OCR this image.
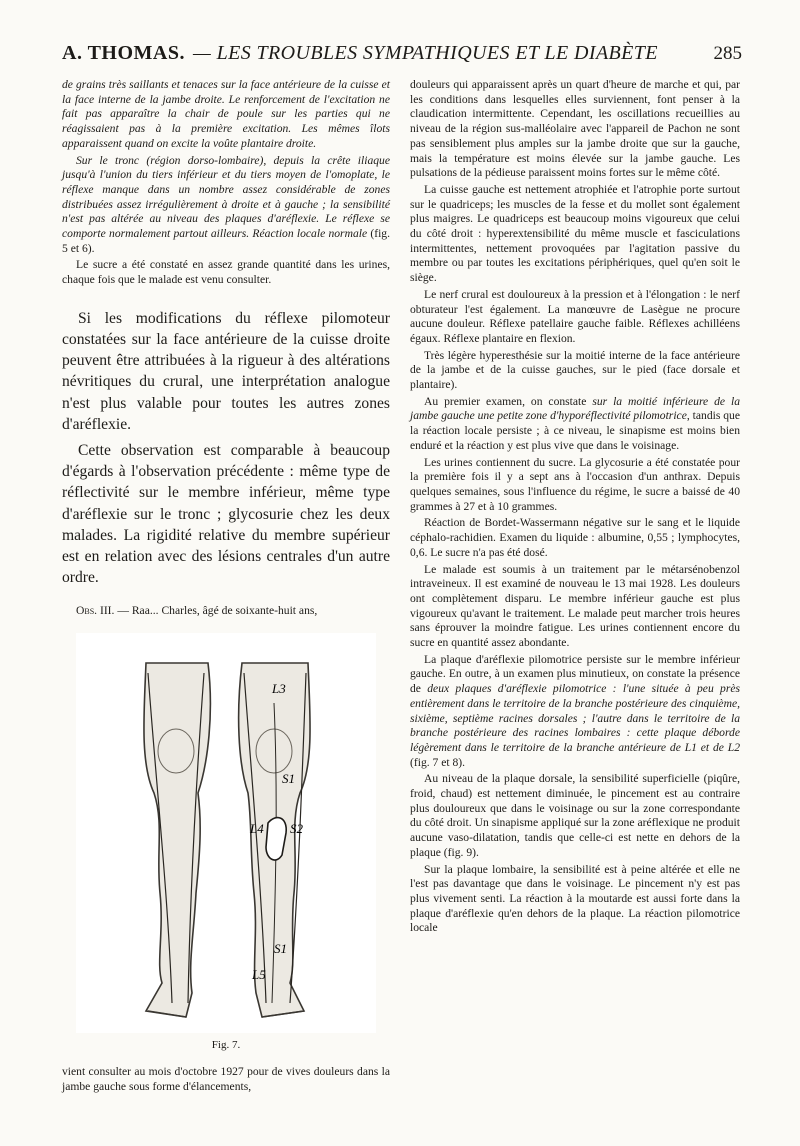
A. THOMAS. — LES TROUBLES SYMPATHIQUES ET LE DIABÈTE	285

de grains très saillants et tenaces sur la face antérieure de la cuisse et la face interne de la jambe droite. Le renforcement de l'excitation ne fait pas apparaître la chair de poule sur les parties qui ne réagissaient pas à la première excitation. Les mêmes îlots apparaissent quand on excite la voûte plantaire droite.

Sur le tronc (région dorso-lombaire), depuis la crête iliaque jusqu'à l'union du tiers inférieur et du tiers moyen de l'omoplate, le réflexe manque dans un nombre assez considérable de zones distribuées assez irrégulièrement à droite et à gauche ; la sensibilité n'est pas altérée au niveau des plaques d'aréflexie. Le réflexe se comporte normalement partout ailleurs. Réaction locale normale (fig. 5 et 6).

Le sucre a été constaté en assez grande quantité dans les urines, chaque fois que le malade est venu consulter.

Si les modifications du réflexe pilomoteur constatées sur la face antérieure de la cuisse droite peuvent être attribuées à la rigueur à des altérations névritiques du crural, une interprétation analogue n'est plus valable pour toutes les autres zones d'aréflexie.

Cette observation est comparable à beaucoup d'égards à l'observation précédente : même type de réflectivité sur le membre inférieur, même type d'aréflexie sur le tronc ; glycosurie chez les deux malades. La rigidité relative du membre supérieur est en relation avec des lésions centrales d'un autre ordre.

Obs. III. — Raa... Charles, âgé de soixante-huit ans,

L3
S1
L4 S2
S1
L5
Fig. 7.

vient consulter au mois d'octobre 1927 pour de vives douleurs dans la jambe gauche sous forme d'élancements,

douleurs qui apparaissent après un quart d'heure de marche et qui, par les conditions dans lesquelles elles surviennent, font penser à la claudication intermittente. Cependant, les oscillations recueillies au niveau de la région sus-malléolaire avec l'appareil de Pachon ne sont pas sensiblement plus amples sur la jambe droite que sur la gauche, mais la température est moins élevée sur la jambe gauche. Les pulsations de la pédieuse paraissent moins fortes sur le même côté.

La cuisse gauche est nettement atrophiée et l'atrophie porte surtout sur le quadriceps; les muscles de la fesse et du mollet sont également plus maigres. Le quadriceps est beaucoup moins vigoureux que celui du côté droit : hyperextensibilité du même muscle et fasciculations intermittentes, nettement provoquées par l'agitation passive du membre ou par toutes les excitations périphériques, quel qu'en soit le siège.

Le nerf crural est douloureux à la pression et à l'élongation : le nerf obturateur l'est également. La manœuvre de Lasègue ne procure aucune douleur. Réflexe patellaire gauche faible. Réflexes achilléens égaux. Réflexe plantaire en flexion.

Très légère hyperesthésie sur la moitié interne de la face antérieure de la jambe et de la cuisse gauches, sur le pied (face dorsale et plantaire).

Au premier examen, on constate sur la moitié inférieure de la jambe gauche une petite zone d'hyporéflectivité pilomotrice, tandis que la réaction locale persiste ; à ce niveau, le sinapisme est moins bien enduré et la réaction y est plus vive que dans le voisinage.

Les urines contiennent du sucre. La glycosurie a été constatée pour la première fois il y a sept ans à l'occasion d'un anthrax. Depuis quelques semaines, sous l'influence du régime, le sucre a baissé de 40 grammes à 27 et à 10 grammes.

Réaction de Bordet-Wassermann négative sur le sang et le liquide céphalo-rachidien. Examen du liquide : albumine, 0,55 ; lymphocytes, 0,6. Le sucre n'a pas été dosé.

Le malade est soumis à un traitement par le métarsénobenzol intraveineux. Il est examiné de nouveau le 13 mai 1928. Les douleurs ont complètement disparu. Le membre inférieur gauche est plus vigoureux qu'avant le traitement. Le malade peut marcher trois heures sans éprouver la moindre fatigue. Les urines contiennent encore du sucre en quantité assez abondante.

La plaque d'aréflexie pilomotrice persiste sur le membre inférieur gauche. En outre, à un examen plus minutieux, on constate la présence de deux plaques d'aréflexie pilomotrice : l'une située à peu près entièrement dans le territoire de la branche postérieure des cinquième, sixième, septième racines dorsales ; l'autre dans le territoire de la branche postérieure des racines lombaires : cette plaque déborde légèrement dans le territoire de la branche antérieure de L1 et de L2 (fig. 7 et 8).

Au niveau de la plaque dorsale, la sensibilité superficielle (piqûre, froid, chaud) est nettement diminuée, le pincement est au contraire plus douloureux que dans le voisinage ou sur la zone correspondante du côté droit. Un sinapisme appliqué sur la zone aréflexique ne produit aucune vaso-dilatation, tandis que celle-ci est nette en dehors de la plaque (fig. 9).

Sur la plaque lombaire, la sensibilité est à peine altérée et elle ne l'est pas davantage que dans le voisinage. Le pincement n'y est pas plus vivement senti. La réaction à la moutarde est aussi forte dans la plaque d'aréflexie qu'en dehors de la plaque. La réaction pilomotrice locale
